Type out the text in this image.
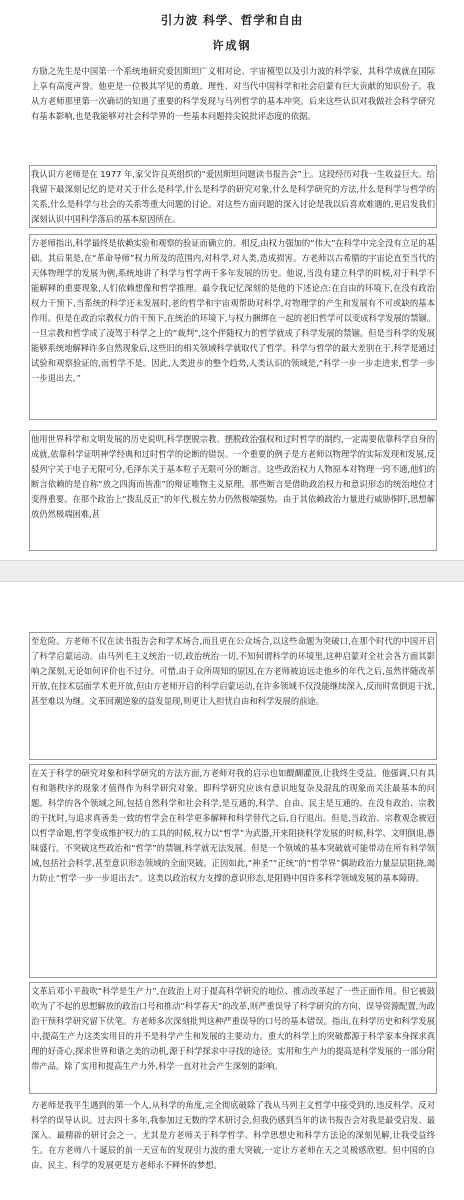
引力波 科学、哲学和自由
许成钢
方励之先生是中国第一个系统地研究爱因斯坦广义相对论、宇宙模型以及引力波的科学家，其科学成就在国际上享有高度声誉。他更是一位极其罕见的勇敢、理性、对当代中国科学和社会启蒙有巨大贡献的知识份子。我从方老师那里第一次确切的知道了重要的科学发现与马列哲学的基本冲突。后来这些认识对我做社会科学研究有基本影响,也是我能够对社会科学界的一些基本问题持尖锐批评态度的依据。
我认识方老师是在 1977 年,家父许良英组织的“爱因斯坦问题读书报告会”上。这段经历对我一生收益巨大。给我留下最深刻记忆的是对关于什么是科学,什么是科学的研究对象,什么是科学研究的方法,什么是科学与哲学的关系,什么是科学与社会的关系等重大问题的讨论。对这些方面问题的深入讨论是我以后喜欢难遇的,更启发我们深刻认识中国科学落后的基本原因所在。
方老师指出,科学最终是依赖实验和观察的验证而确立的。相反,由权力强加的“伟大”在科学中完全没有立足的基础。其后果是,在“革命导师”权力所及的范围内,对科学,对人类,造成损害。方老师以古希腊的宇宙论直至当代的天体物理学的发展为例,系统地讲了科学与哲学两千多年发展的历史。他说,当没有建立科学的时候,对于科学不能解释的重要现象,人们依赖想像和哲学推理。最令我记忆深刻的是他的下述论点:在自由的环境下,在没有政治权力干预下,当系统的科学还未发展时,老的哲学和宇宙观帮助对科学,对物理学的产生和发展有不可或缺的基本作用。但是在政治宗教权力的干预下,在统治的环境下,与权力捆绑在一起的老旧哲学可以变成科学发展的禁锢。一旦宗教和哲学成了凌驾于科学之上的“裁判”,这个伴随权力的哲学就成了科学发展的禁锢。但是当科学的发展能够系统地解释许多自然现象后,这些旧的相关领域科学就取代了哲学。科学与哲学的最大差别在于,科学是通过试验和观察验证的,而哲学不是。因此,人类进步的整个趋势,人类认识的领域是,“科学一步一步走进来,哲学一步一步退出去。”
他用世界科学和文明发展的历史说明,科学摆脱宗教、摆脱政治强权和过时哲学的制约,一定需要依靠科学自身的成就,依靠科学证明神学经典和过时哲学的论断的错误。一个重要的例子是方老师以物理学的实际发现和发展,反驳列宁关于电子无限可分,毛泽东关于基本粒子无限可分的断言。这些政治权力人物原本对物理一窍不通,他们的断言依赖的是自称“放之四海而皆准”的辩证唯物主义原理。那些断言是借助政治权力和意识形态的统治地位才变得重要。在那个政治上“拨乱反正”的年代,极左势力仍然极端强势。由于其依赖政治力量进行威胁恫吓,思想解放仍然极端困难,甚
至危险。方老师不仅在读书报告会和学术场合,而且更在公众场合,以这些命题为突破口,在那个时代的中国开启了科学启蒙运动。由马列毛主义统治一切,政治统治一切,不知何谓科学的环境里,这种启蒙对全社会各方面其影响之深刻,无论如何评价也不过分。可惜,由于众所周知的原因,在方老师被迫远走他乡的年代之后,虽然伴随改革开放,在技术层面学术更开放,但由方老师开启的科学启蒙运动,在许多领域不仅没能继续深入,反而时常倒退干扰,甚至难以为继。文革回潮逆象的益发显现,则更让人担忧自由和科学发展的前途。
在关于科学的研究对象和科学研究的方法方面,方老师对我的启示也如醍醐灌顶,让我终生受益。他强调,只有具有和谐秩序的现象才值得作为科学研究对象。即科学研究应该有意识地复杂及混乱的现象而关注最基本的问题。科学的各个领域之间,包括自然科学和社会科学,是互通的,科学、自由、民主是互通的。在没有政治、宗教的干扰时,与追求真善美一致的哲学会在科学更多解释和科学替代之后,自行退出。但是,当政治、宗教观念被冠以哲学命题,哲学变成维护权力的工具的时候,权力以“哲学”为武器,开来阻挠科学发展的时候,科学、文明倒退,愚昧盛行。不突破这些政治和“哲学”的禁锢,科学就无法发展。但是一个领域的基本突破就可能带动在所有科学领域,包括社会科学,甚至意识形态领域的全面突破。正因如此,“神圣”“正统”的“哲学界”偶助政治力量层层阻挠,竭力防止“哲学一步一步退出去”。这类以政治权力支撑的意识形态,是阻碍中国许多科学领域发展的基本障碍。
文革后邓小平鼓吹“科学是生产力”,在政治上对于提高科学研究的地位、推动改革起了一些正面作用。但它被鼓吹为了不起的思想解放的政治口号和推动“科学春天”的改革,则严重误导了科学研究的方向、误导资源配置,为政治干预科学研究留下伏笔。方老师多次深刻批判这种严重误导的口号的基本错误。指出,在科学历史和科学发展中,提高生产力这类实用目的并不是科学产生和发展的主要动力。重大的科学上的突破都源于科学家本身探求真理的好奇心,探求世界和谐之美的动机,源于科学探求中寻找的途径。实用和生产力的提高是科学发展的一部分附带产品。除了实用和提高生产力外,科学一直对社会产生深刻的影响。
方老师是我平生遇到的第一个人,从科学的角度,完全彻底破除了我从马列主义哲学中接受到的,违反科学、反对科学的误导认识。过去四十多年,我参加过无数的学术研讨会,但我仍感到当年的读书报告会对我是最受启发、最深入、最精辟的研讨会之一。尤其是方老师关于科学哲学、科学思想史和科学方法论的深刻见解,让我受益终生。在方老师八十诞辰的前一天宣布的发现引力波的重大突破,一定让方老师在天之灵极感欣慰。但中国的自由、民主、科学的发展更是方老师永不释怀的梦想。
